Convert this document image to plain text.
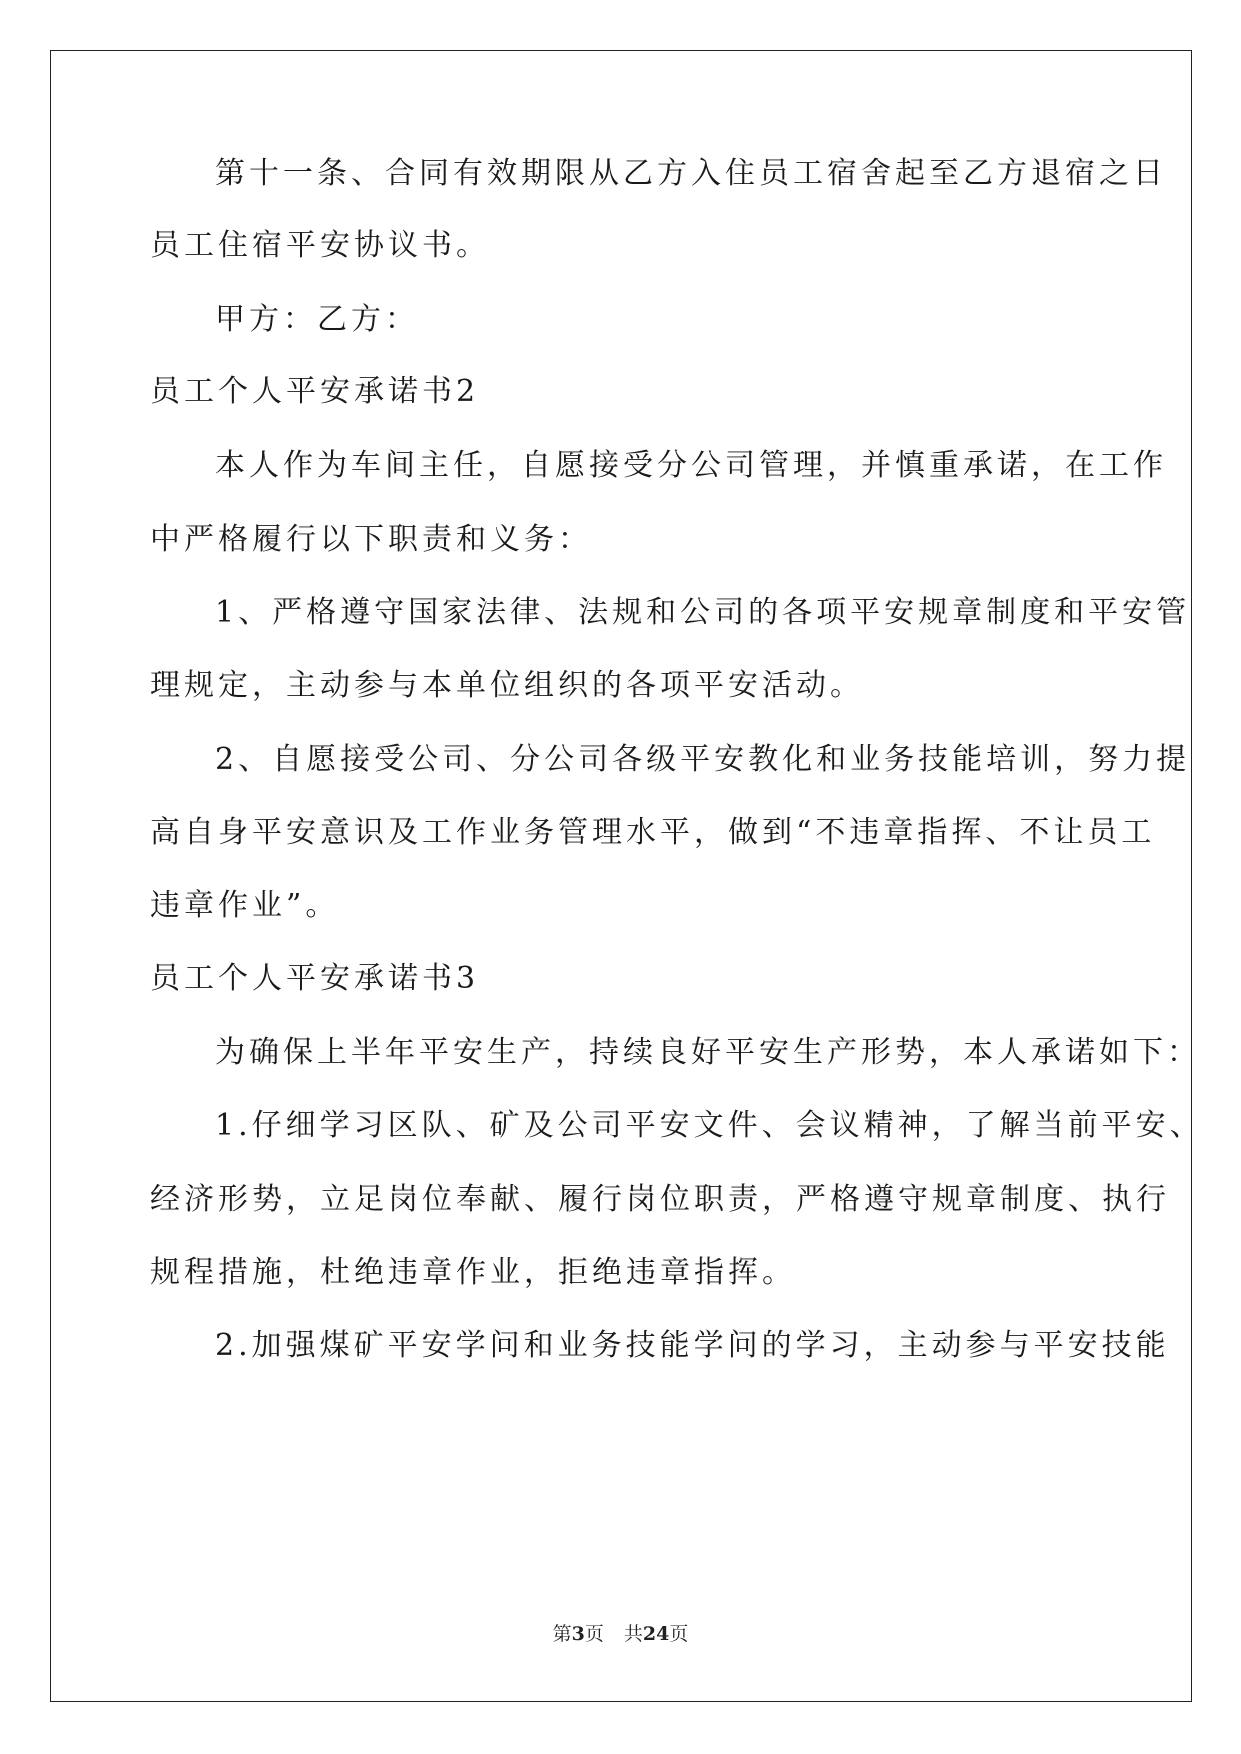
第十一条、合同有效期限从乙方入住员工宿舍起至乙方退宿之日
员工住宿平安协议书。
甲方：乙方：
员工个人平安承诺书2
本人作为车间主任，自愿接受分公司管理，并慎重承诺，在工作
中严格履行以下职责和义务：
1、严格遵守国家法律、法规和公司的各项平安规章制度和平安管
理规定，主动参与本单位组织的各项平安活动。
2、自愿接受公司、分公司各级平安教化和业务技能培训，努力提
高自身平安意识及工作业务管理水平，做到“不违章指挥、不让员工
违章作业”。
员工个人平安承诺书3
为确保上半年平安生产，持续良好平安生产形势，本人承诺如下：
1.仔细学习区队、矿及公司平安文件、会议精神，了解当前平安、
经济形势，立足岗位奉献、履行岗位职责，严格遵守规章制度、执行
规程措施，杜绝违章作业，拒绝违章指挥。
2.加强煤矿平安学问和业务技能学问的学习，主动参与平安技能
第3页 共24页
